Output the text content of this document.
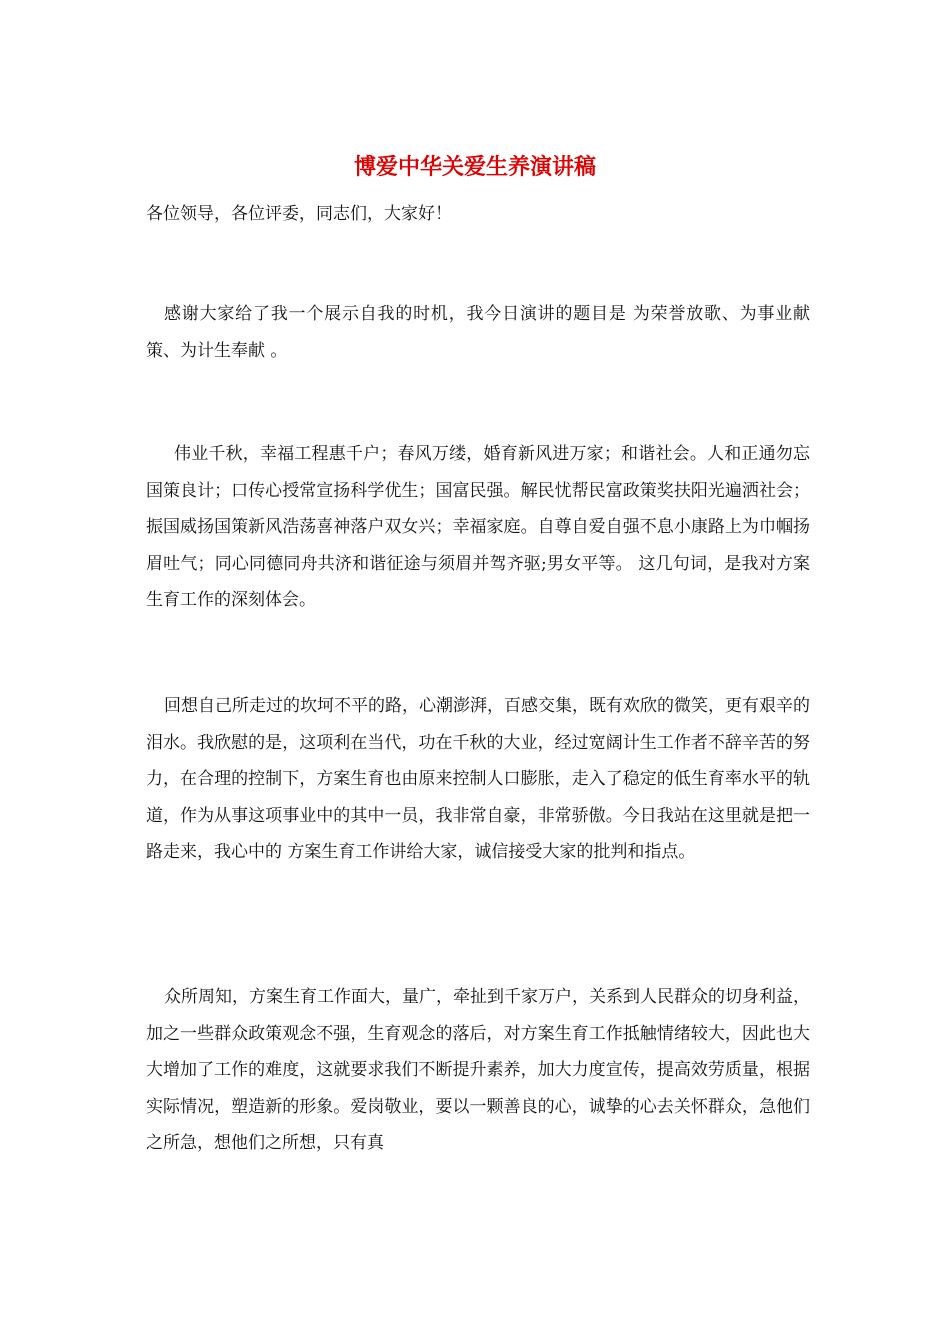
博爱中华关爱生养演讲稿

各位领导，各位评委，同志们，大家好！

感谢大家给了我一个展示自我的时机，我今日演讲的题目是 为荣誉放歌、为事业献策、为计生奉献 。

伟业千秋，幸福工程惠千户；春风万缕，婚育新风进万家；和谐社会。人和正通勿忘国策良计；口传心授常宣扬科学优生；国富民强。解民忧帮民富政策奖扶阳光遍洒社会；振国威扬国策新风浩荡喜神落户双女兴；幸福家庭。自尊自爱自强不息小康路上为巾帼扬眉吐气；同心同德同舟共济和谐征途与须眉并驾齐驱;男女平等。 这几句词，是我对方案生育工作的深刻体会。

回想自己所走过的坎坷不平的路，心潮澎湃，百感交集，既有欢欣的微笑，更有艰辛的泪水。我欣慰的是，这项利在当代，功在千秋的大业，经过宽阔计生工作者不辞辛苦的努力，在合理的控制下，方案生育也由原来控制人口膨胀，走入了稳定的低生育率水平的轨道，作为从事这项事业中的其中一员，我非常自豪，非常骄傲。今日我站在这里就是把一路走来，我心中的 方案生育工作讲给大家，诚信接受大家的批判和指点。

众所周知，方案生育工作面大，量广，牵扯到千家万户，关系到人民群众的切身利益，加之一些群众政策观念不强，生育观念的落后，对方案生育工作抵触情绪较大，因此也大大增加了工作的难度，这就要求我们不断提升素养，加大力度宣传，提高效劳质量，根据实际情况，塑造新的形象。爱岗敬业，要以一颗善良的心，诚挚的心去关怀群众，急他们之所急，想他们之所想，只有真
